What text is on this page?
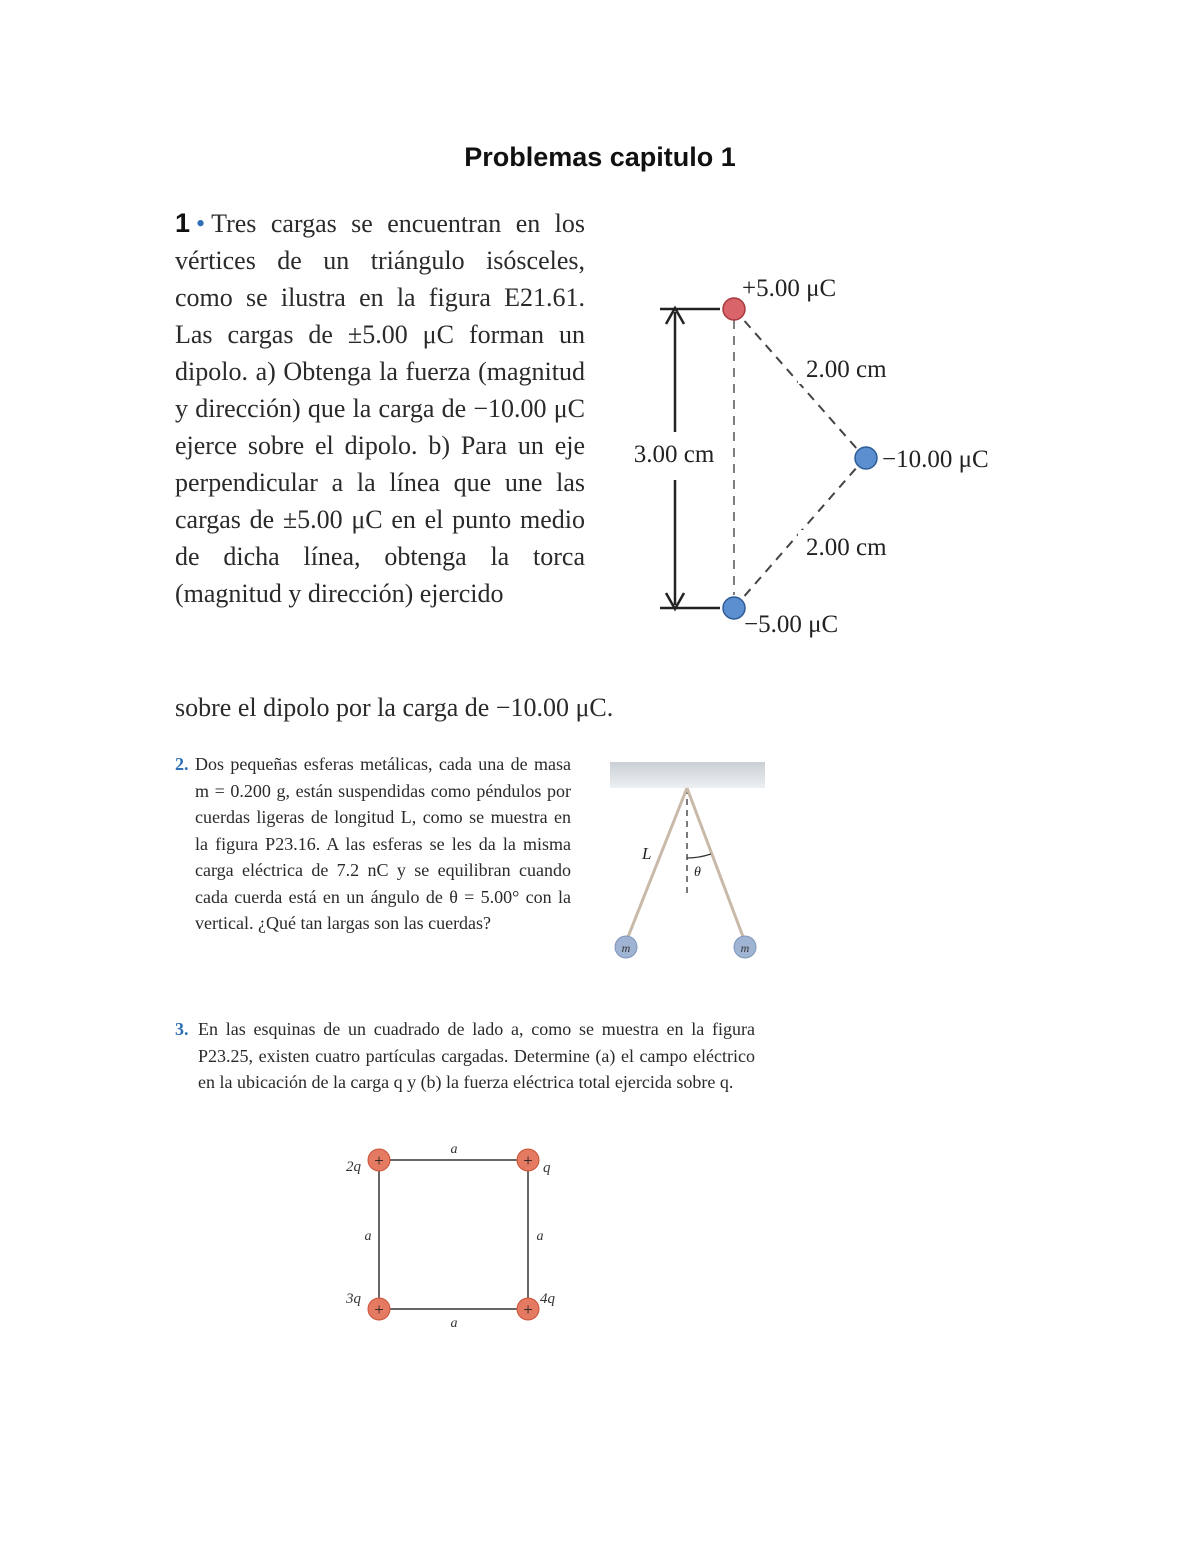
Problemas capitulo 1
1 • Tres cargas se encuentran en los vértices de un triángulo isósceles, como se ilustra en la figura E21.61. Las cargas de ±5.00 μC forman un dipolo. a) Obtenga la fuerza (magnitud y dirección) que la carga de −10.00 μC ejerce sobre el dipolo. b) Para un eje perpendicular a la línea que une las cargas de ±5.00 μC en el punto medio de dicha línea, obtenga la torca (magnitud y dirección) ejercido
sobre el dipolo por la carga de −10.00 μC.
3.00 cm
2.00 cm
2.00 cm
+5.00 μC
−10.00 μC
−5.00 μC
2. Dos pequeñas esferas metálicas, cada una de masa m = 0.200 g, están suspendidas como péndulos por cuerdas ligeras de longitud L, como se muestra en la figura P23.16. A las esferas se les da la misma carga eléctrica de 7.2 nC y se equilibran cuando cada cuerda está en un ángulo de θ = 5.00° con la vertical. ¿Qué tan largas son las cuerdas?
L
θ
m	m
3. En las esquinas de un cuadrado de lado a, como se muestra en la figura P23.25, existen cuatro partículas cargadas. Determine (a) el campo eléctrico en la ubicación de la carga q y (b) la fuerza eléctrica total ejercida sobre q.
a
a
a	a
+	+
+	+
2q	q
3q	4q
